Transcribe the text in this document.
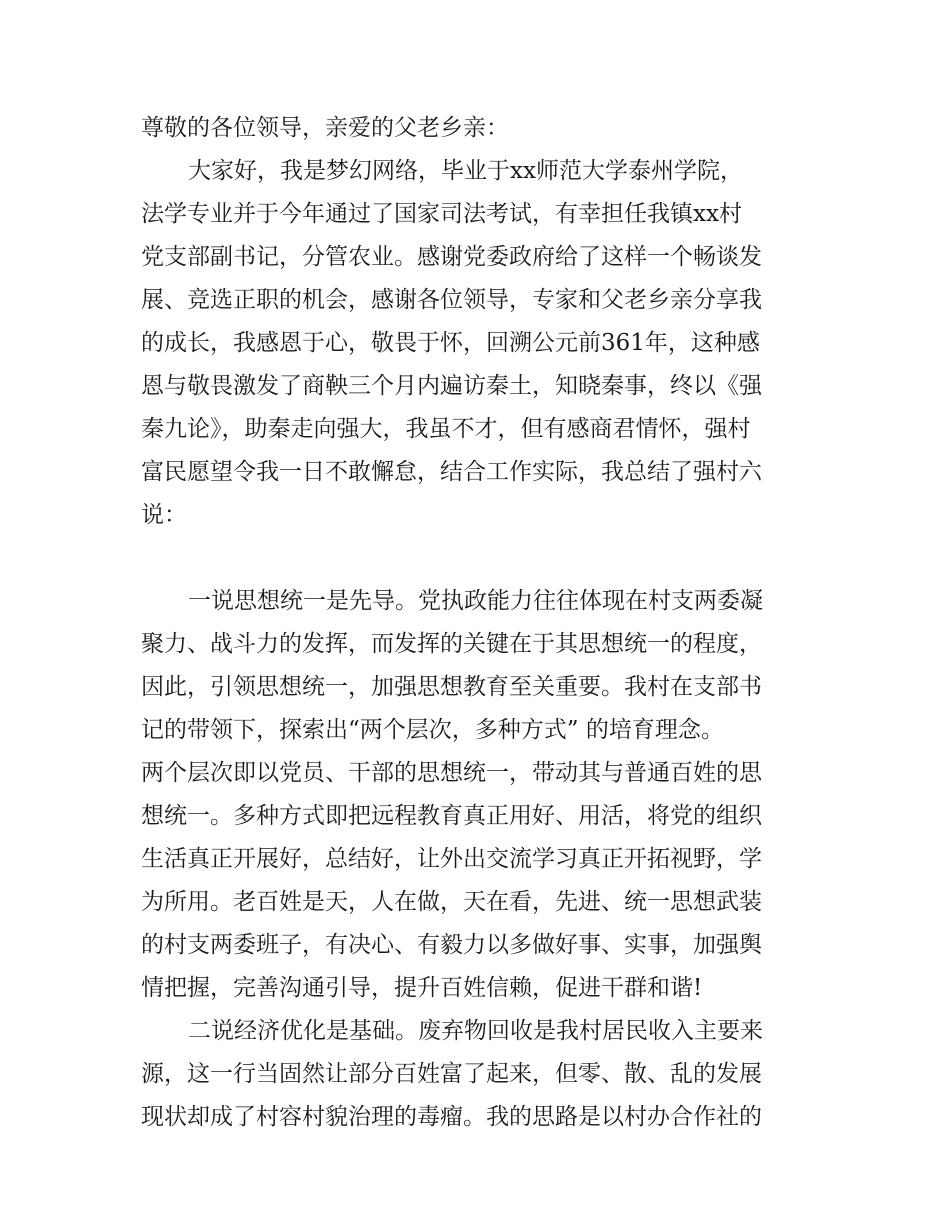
尊敬的各位领导，亲爱的父老乡亲：
大家好，我是梦幻网络，毕业于xx师范大学泰州学院，
法学专业并于今年通过了国家司法考试，有幸担任我镇xx村
党支部副书记，分管农业。感谢党委政府给了这样一个畅谈发
展、竞选正职的机会，感谢各位领导，专家和父老乡亲分享我
的成长，我感恩于心，敬畏于怀，回溯公元前361年，这种感
恩与敬畏激发了商鞅三个月内遍访秦土，知晓秦事，终以《强
秦九论》，助秦走向强大，我虽不才，但有感商君情怀，强村
富民愿望令我一日不敢懈怠，结合工作实际，我总结了强村六
说：
一说思想统一是先导。党执政能力往往体现在村支两委凝
聚力、战斗力的发挥，而发挥的关键在于其思想统一的程度，
因此，引领思想统一，加强思想教育至关重要。我村在支部书
记的带领下，探索出“两个层次，多种方式” 的培育理念。
两个层次即以党员、干部的思想统一，带动其与普通百姓的思
想统一。多种方式即把远程教育真正用好、用活，将党的组织
生活真正开展好，总结好，让外出交流学习真正开拓视野，学
为所用。老百姓是天，人在做，天在看，先进、统一思想武装
的村支两委班子，有决心、有毅力以多做好事、实事，加强舆
情把握，完善沟通引导，提升百姓信赖，促进干群和谐!
二说经济优化是基础。废弃物回收是我村居民收入主要来
源，这一行当固然让部分百姓富了起来，但零、散、乱的发展
现状却成了村容村貌治理的毒瘤。我的思路是以村办合作社的
